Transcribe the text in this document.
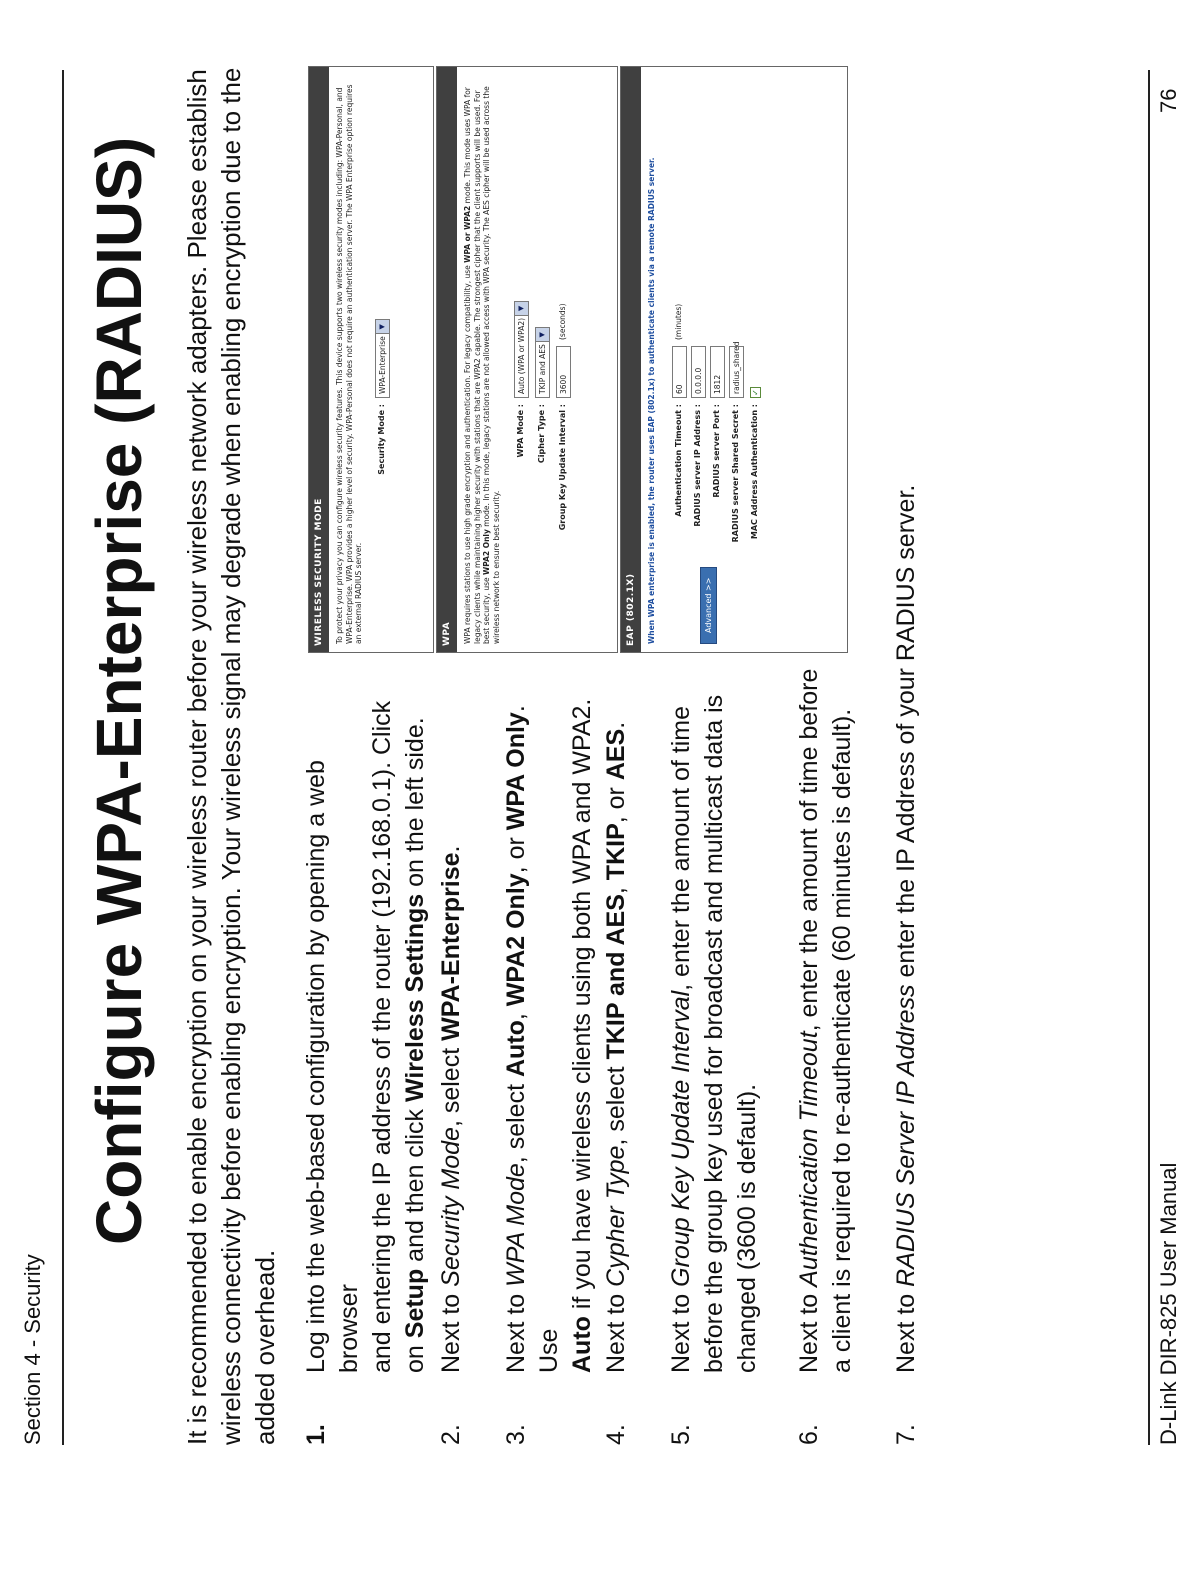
Section 4 - Security
Configure WPA-Enterprise (RADIUS) It is recommended to enable encryption on your wireless router before your wireless network adapters. Please establish wireless connectivity before enabling encryption. Your wireless signal may degrade when enabling encryption due to the added overhead. 1.
Log into the web-based configuration by opening a web browser and entering the IP address of the router (192.168.0.1). Click on Setup and then click Wireless Settings on the left side.
2.
Next to Security Mode, select WPA-Enterprise.
3.
Next to WPA Mode, select Auto, WPA2 Only, or WPA Only. Use Auto if you have wireless clients using both WPA and WPA2.
4.
Next to Cypher Type, select TKIP and AES, TKIP, or AES.
5.
Next to Group Key Update Interval, enter the amount of time before the group key used for broadcast and multicast data is changed (3600 is default).
6.
Next to Authentication Timeout, enter the amount of time before a client is required to re-authenticate (60 minutes is default).
7.
Next to RADIUS Server IP Address enter the IP Address of your RADIUS server.
WIRELESS SECURITY MODE	To protect your privacy you can configure wireless security features. This device supports two wireless security modes including: WPA-Personal, and WPA-Enterprise. WPA provides a higher level of security. WPA-Personal does not require an authentication server. The WPA Enterprise option requires an external RADIUS server.
Security Mode :
WPA-Enterprise
▼
WPA	WPA requires stations to use high grade encryption and authentication. For legacy compatibility, use WPA or WPA2 mode. This mode uses WPA for legacy clients while maintaining higher security with stations that are WPA2 capable. The strongest cipher that the client supports will be used. For best security, use WPA2 Only mode. In this mode, legacy stations are not allowed access with WPA security. The AES cipher will be used across the wireless network to ensure best security.
WPA Mode :
Auto (WPA or WPA2)
▼
Cipher Type :
TKIP and AES
▼
Group Key Update Interval :
3600(seconds)
EAP (802.1X)	When WPA enterprise is enabled, the router uses EAP (802.1x) to authenticate clients via a remote RADIUS server. Authentication Timeout :
60(minutes)
RADIUS server IP Address :
0.0.0.0
RADIUS server Port :
1812
RADIUS server Shared Secret :
radius_shared
MAC Address Authentication :
✓
Advanced >>
D-Link DIR-825 User Manual
76
